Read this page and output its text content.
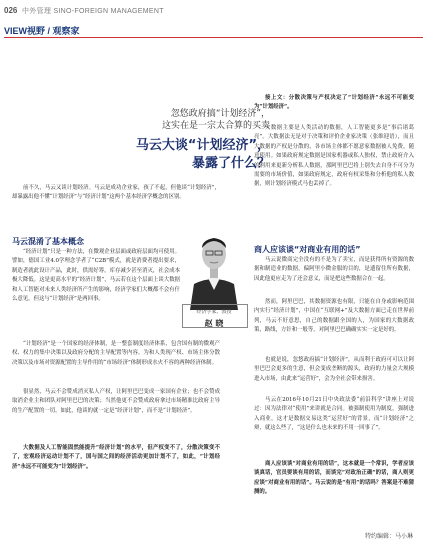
026 中外管理 SINO-FOREIGN MANAGEMENT
VIEW视野 / 观察家
忽悠政府搞“计划经济”，
这实在是一宗太合算的买卖
马云大谈“计划经济”，
暴露了什么？

前不久，马云又谈计划经济。马云是成功企业家，孩了不起，但他谈“计划经济”，却暴露出他不懂“计划经济”与“经济计划”这两个基本经济学概念的区别。

马云混淆了基本概念

“经济计划”只是一种方法，在微观企业层面或政府层面均可使用。譬如，德国工业4.0学理念学者了“C2B”模式，就是消费者提出要求，制造者就此设计产品，此时，供需好筹，库存减少甚至消灭，社会成本极大降低。这是更高水平的“经济计划”，马云若在这个层面上谈大数据和人工智能对未来人类经济所产生的影响，经济学家们大概都不会有什么意见。但这与“计划经济”是两回事。

“计划经济”是一个国家的经济体制，是一整套制度经济体系，包含国有制的微观产权、权力的集中决策以及政府分配的主导配置等内容。为和人类现产权、市场主体分散决策以及市场对资源配置的主导作用的“市场经济”体制形成水火不容的两种经济体制。

很显然，马云不会赞成消灭私人产权，让阿里巴巴变成一家国有企业；也不会赞成取消企业主和团队对阿里巴巴的决策；当然他更不会赞成政府拿过市场精准比政府主导的生产配置的一切。如此，他谈的就一定是“经济计划”，而不是“计划经济”。

大数据及人工智能固然能提升“经济计划”的水平，但产权变不了，分散决策变不了，宏观经济运动计划不了，国与国之间的经济活动更加计划不了，如此，“计划经济”永远不可能变为“计划经济”。

经济学家、教授
赵 晓

接上文：分散决策与产权决定了“计划经济”永远不可能变为“计划经济”。

大数据主要是人类活动的数据，人工智能更多是“事后诸葛亮”。大数据法无是对于决策和评价企业家决策（张维迎语），而且大数据的产权是分散的，各市场主体都不愿意家数据被人免费，随意使用。如果政府规定数据是国家机器或私人独权，禁止政府介入的利用来更新分析私人数据，那阿里巴巴将上别失去自身不可分为需要的市场价值，如果政府规定，政府有权采集和分析他的私人数据，则计划经济模式马也丢掉了。

商人应该谈“对商业有用的话”

马云说微商完全没有的不是为了卖宝，而是获得所有资源的数据和制造业的数据，偏阿里小微金服的目的，是遗留住所有数据，因此他更应走为了还会意义，而是把这些数据合在一起。

然而，阿里巴巴，其数据资源也有限，只能在自身或影响范围内实行“经济计划”，中国在“互联网+”及大数据方面已走在世界前列，马云不好意思，自己的数据跟全国的人，为国家的大数据政策，路线，方针和一般等，对阿里巴巴确确实实一定是好的。

也就是说，忽悠政府搞“计划经济”，从而利于政府可可以让阿里巴巴会更多的生意，但会变成垄断的源头，政府的力量会大规模进入市场，由此来“运营好”，会为全社会带来损害。

马云在2016年10月21日中央政法委“前沿科学”讲座上对说过：因为法律对“使用”来讲就是合同。被强制使用为制度，强制进入商业，这才是数据交易这类“运营好”的背景，而“计划经济”之辩，就这么些了，“这是什么也未来的不用一回事了”。

商人应该谈“对商业有用的话”，这本就是一个常识，学者应该谈真话，官员要谈有用的话，而谈完“对政治正确”的话，商人则更应谈“对商业有用的话”。马云说的是“有用”的话吗？答案是不难猜测的。

特约编辑：马小琳
